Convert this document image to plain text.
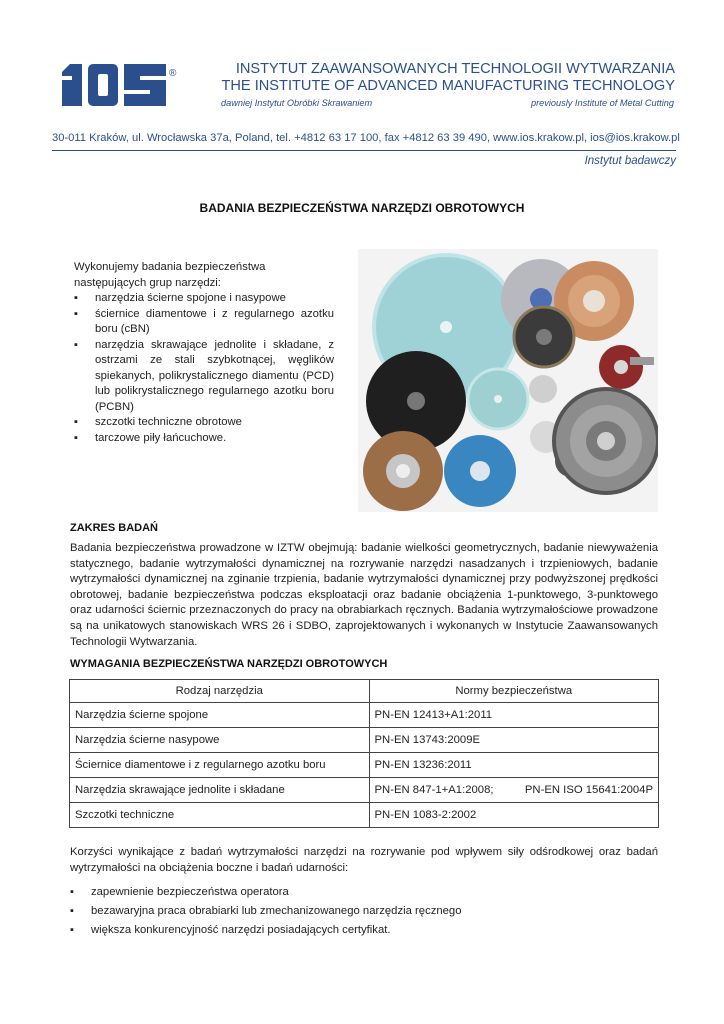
®	INSTYTUT ZAAWANSOWANYCH TECHNOLOGII WYTWARZANIA
THE INSTITUTE OF ADVANCED MANUFACTURING TECHNOLOGY
dawniej Instytut Obróbki Skrawaniem	previously Institute of Metal Cutting
30-011 Kraków, ul. Wrocławska 37a, Poland, tel. +4812 63 17 100, fax +4812 63 39 490, www.ios.krakow.pl, ios@ios.krakow.pl
Instytut badawczy
BADANIA BEZPIECZEŃSTWA NARZĘDZI OBROTOWYCH

Wykonujemy badania bezpieczeństwa następujących grup narzędzi:

▪ narzędzia ścierne spojone i nasypowe
▪ ściernice diamentowe i z regularnego azotku boru (cBN)
▪ narzędzia skrawające jednolite i składane, z ostrzami ze stali szybkotnącej, węglików spiekanych, polikrystalicznego diamentu (PCD) lub polikrystalicznego regularnego azotku boru (PCBN)
▪ szczotki techniczne obrotowe
▪ tarczowe piły łańcuchowe.
ZAKRES BADAŃ

Badania bezpieczeństwa prowadzone w IZTW obejmują: badanie wielkości geometrycznych, badanie niewyważenia statycznego, badanie wytrzymałości dynamicznej na rozrywanie narzędzi nasadzanych i trzpieniowych, badanie wytrzymałości dynamicznej na zginanie trzpienia, badanie wytrzymałości dynamicznej przy podwyższonej prędkości obrotowej, badanie bezpieczeństwa podczas eksploatacji oraz badanie obciążenia 1-punktowego, 3-punktowego oraz udarności ściernic przeznaczonych do pracy na obrabiarkach ręcznych. Badania wytrzymałościowe prowadzone są na unikatowych stanowiskach WRS 26 i SDBO, zaprojektowanych i wykonanych w Instytucie Zaawansowanych Technologii Wytwarzania.

WYMAGANIA BEZPIECZEŃSTWA NARZĘDZI OBROTOWYCH
Rodzaj narzędzia	Normy bezpieczeństwa
Narzędzia ścierne spojone	PN-EN 12413+A1:2011
Narzędzia ścierne nasypowe	PN-EN 13743:2009E
Ściernice diamentowe i z regularnego azotku boru	PN-EN 13236:2011
Narzędzia skrawające jednolite i składane	PN-EN 847-1+A1:2008;          PN-EN ISO 15641:2004P
Szczotki techniczne	PN-EN 1083-2:2002

Korzyści wynikające z badań wytrzymałości narzędzi na rozrywanie pod wpływem siły odśrodkowej oraz badań wytrzymałości na obciążenia boczne i badań udarności:

▪ zapewnienie bezpieczeństwa operatora
▪ bezawaryjna praca obrabiarki lub zmechanizowanego narzędzia ręcznego
▪ większa konkurencyjność narzędzi posiadających certyfikat.
